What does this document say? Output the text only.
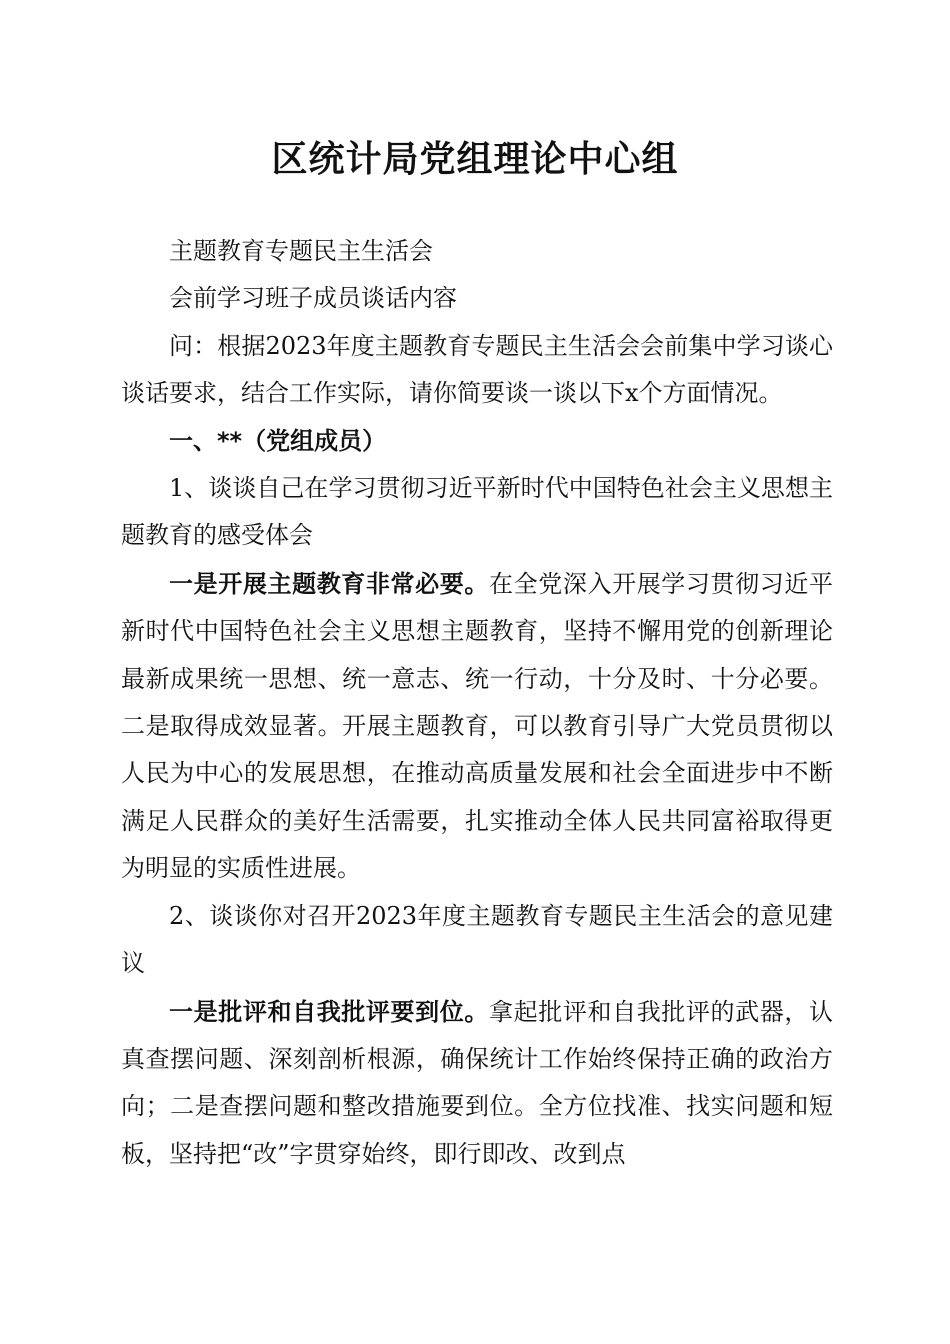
区统计局党组理论中心组

主题教育专题民主生活会

会前学习班子成员谈话内容

问：根据2023年度主题教育专题民主生活会会前集中学习谈心谈话要求，结合工作实际，请你简要谈一谈以下x个方面情况。

一、**（党组成员）

1、谈谈自己在学习贯彻习近平新时代中国特色社会主义思想主题教育的感受体会

一是开展主题教育非常必要。在全党深入开展学习贯彻习近平新时代中国特色社会主义思想主题教育，坚持不懈用党的创新理论最新成果统一思想、统一意志、统一行动，十分及时、十分必要。二是取得成效显著。开展主题教育，可以教育引导广大党员贯彻以人民为中心的发展思想，在推动高质量发展和社会全面进步中不断满足人民群众的美好生活需要，扎实推动全体人民共同富裕取得更为明显的实质性进展。

2、谈谈你对召开2023年度主题教育专题民主生活会的意见建议

一是批评和自我批评要到位。拿起批评和自我批评的武器，认真查摆问题、深刻剖析根源，确保统计工作始终保持正确的政治方向；二是查摆问题和整改措施要到位。全方位找准、找实问题和短板，坚持把“改”字贯穿始终，即行即改、改到点
